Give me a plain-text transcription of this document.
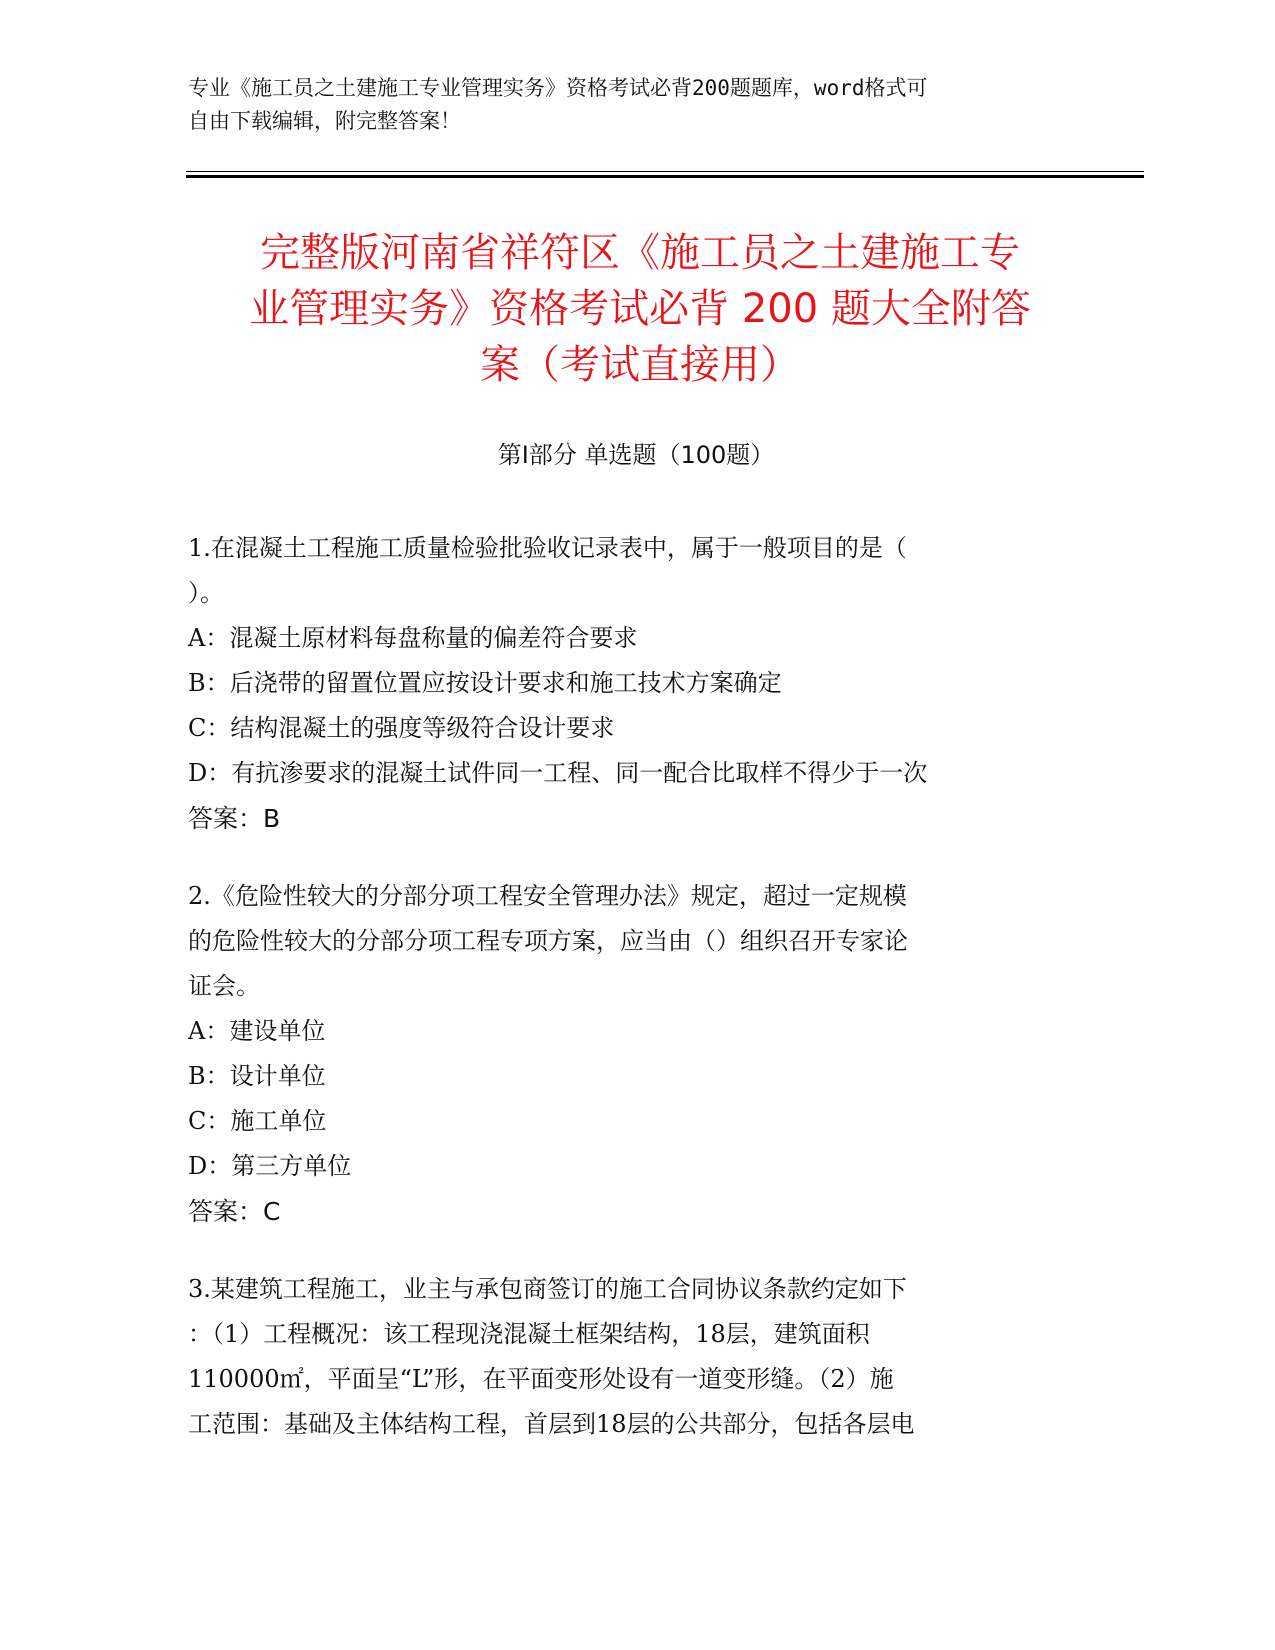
专业《施工员之土建施工专业管理实务》资格考试必背200题题库，word格式可
自由下载编辑，附完整答案！
完整版河南省祥符区《施工员之土建施工专
业管理实务》资格考试必背 200 题大全附答
案（考试直接用）
第Ⅰ部分 单选题（100题）
1.在混凝土工程施工质量检验批验收记录表中，属于一般项目的是（
）。
A：混凝土原材料每盘称量的偏差符合要求
B：后浇带的留置位置应按设计要求和施工技术方案确定
C：结构混凝土的强度等级符合设计要求
D：有抗渗要求的混凝土试件同一工程、同一配合比取样不得少于一次
答案：B
2.《危险性较大的分部分项工程安全管理办法》规定，超过一定规模
的危险性较大的分部分项工程专项方案，应当由（）组织召开专家论
证会。
A：建设单位
B：设计单位
C：施工单位
D：第三方单位
答案：C
3.某建筑工程施工，业主与承包商签订的施工合同协议条款约定如下
：（1）工程概况：该工程现浇混凝土框架结构，18层，建筑面积
110000㎡，平面呈“L”形，在平面变形处设有一道变形缝。（2）施
工范围：基础及主体结构工程，首层到18层的公共部分，包括各层电
